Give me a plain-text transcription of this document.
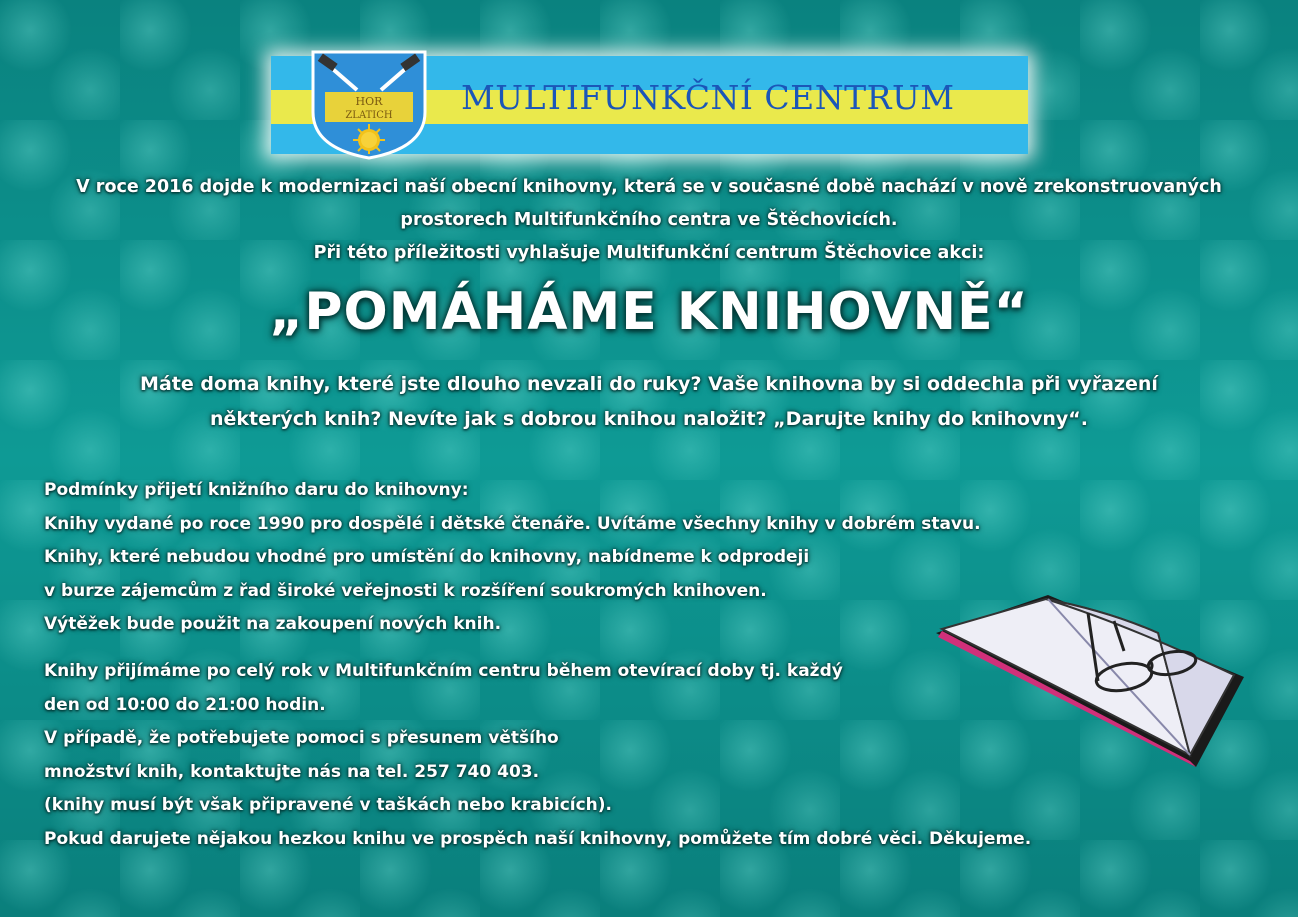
MULTIFUNKČNÍ CENTRUM
HOR
ZLATICH
V roce 2016 dojde k modernizaci naší obecní knihovny, která se v současné době nachází v nově zrekonstruovaných
prostorech Multifunkčního centra ve Štěchovicích.
Při této příležitosti vyhlašuje Multifunkční centrum Štěchovice akci:
„POMÁHÁME KNIHOVNĚ“
Máte doma knihy, které jste dlouho nevzali do ruky? Vaše knihovna by si oddechla při vyřazení
některých knih? Nevíte jak s dobrou knihou naložit? „Darujte knihy do knihovny“.
Podmínky přijetí knižního daru do knihovny:
Knihy vydané po roce 1990 pro dospělé i dětské čtenáře. Uvítáme všechny knihy v dobrém stavu.
Knihy, které nebudou vhodné pro umístění do knihovny, nabídneme k odprodeji
v burze zájemcům z řad široké veřejnosti k rozšíření soukromých knihoven.
Výtěžek bude použit na zakoupení nových knih.
Knihy přijímáme po celý rok v Multifunkčním centru během otevírací doby tj. každý
den od 10:00 do 21:00 hodin.
V případě, že potřebujete pomoci s přesunem většího
množství knih, kontaktujte nás na tel. 257 740 403.
(knihy musí být však připravené v taškách nebo krabicích).
Pokud darujete nějakou hezkou knihu ve prospěch naší knihovny, pomůžete tím dobré věci. Děkujeme.
